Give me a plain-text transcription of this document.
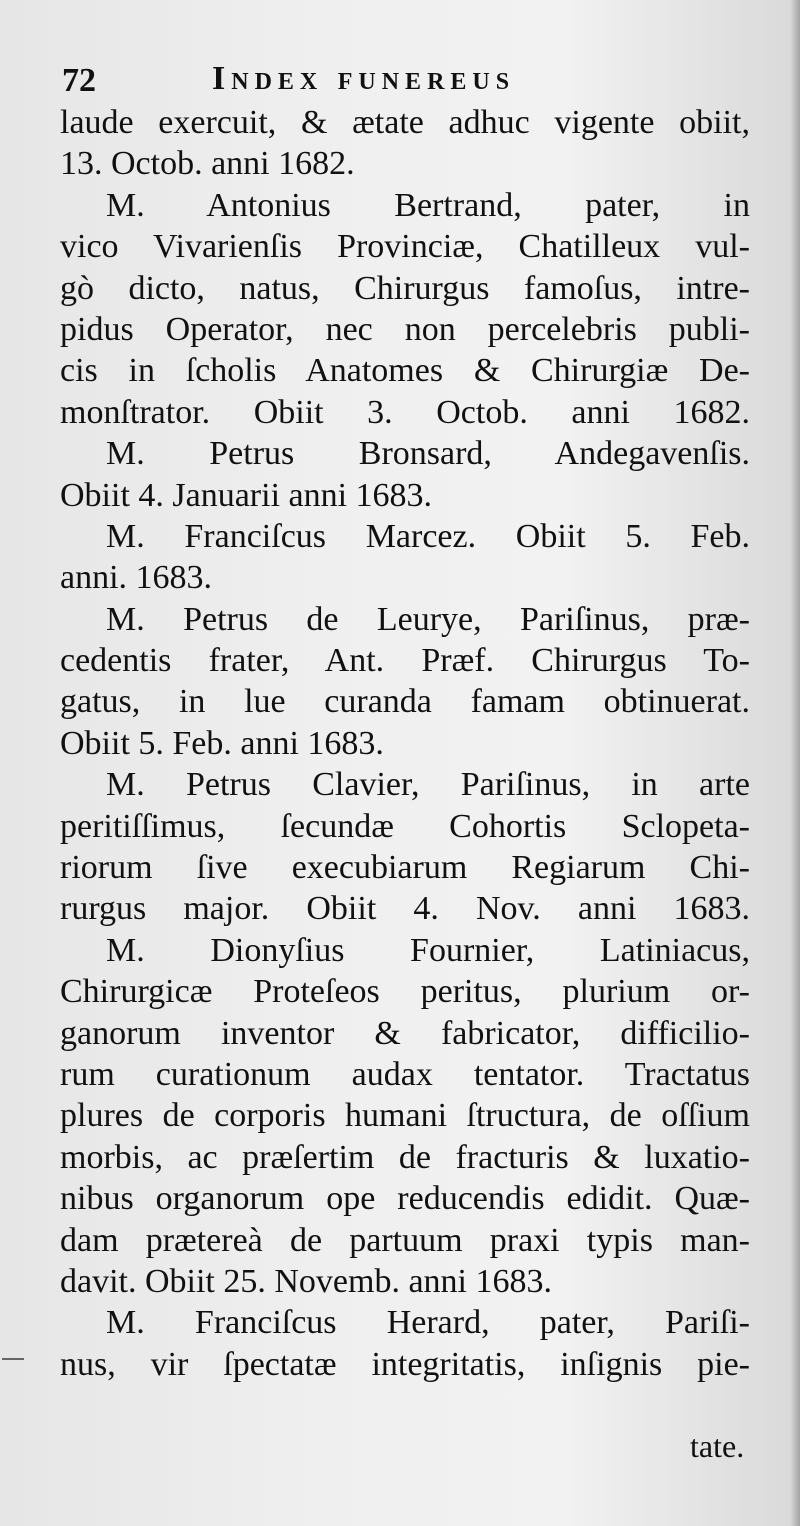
72	Index funereus
laude exercuit, & ætate adhuc vigente obiit,
13. Octob. anni 1682.
M. Antonius Bertrand, pater, in
vico Vivarienſis Provinciæ, Chatilleux vul-
gò dicto, natus, Chirurgus famoſus, intre-
pidus Operator, nec non percelebris publi-
cis in ſcholis Anatomes & Chirurgiæ De-
monſtrator. Obiit 3. Octob. anni 1682.
M. Petrus Bronsard, Andegavenſis.
Obiit 4. Januarii anni 1683.
M. Franciſcus Marcez. Obiit 5. Feb.
anni. 1683.
M. Petrus de Leurye, Pariſinus, præ-
cedentis frater, Ant. Præf. Chirurgus To-
gatus, in lue curanda famam obtinuerat.
Obiit 5. Feb. anni 1683.
M. Petrus Clavier, Pariſinus, in arte
peritiſſimus, ſecundæ Cohortis Sclopeta-
riorum ſive execubiarum Regiarum Chi-
rurgus major. Obiit 4. Nov. anni 1683.
M. Dionyſius Fournier, Latiniacus,
Chirurgicæ Proteſeos peritus, plurium or-
ganorum inventor & fabricator, difficilio-
rum curationum audax tentator. Tractatus
plures de corporis humani ſtructura, de oſſium
morbis, ac præſertim de fracturis & luxatio-
nibus organorum ope reducendis edidit. Quæ-
dam prætereà de partuum praxi typis man-
davit. Obiit 25. Novemb. anni 1683.
M. Franciſcus Herard, pater, Pariſi-
nus, vir ſpectatæ integritatis, inſignis pie-
tate.
